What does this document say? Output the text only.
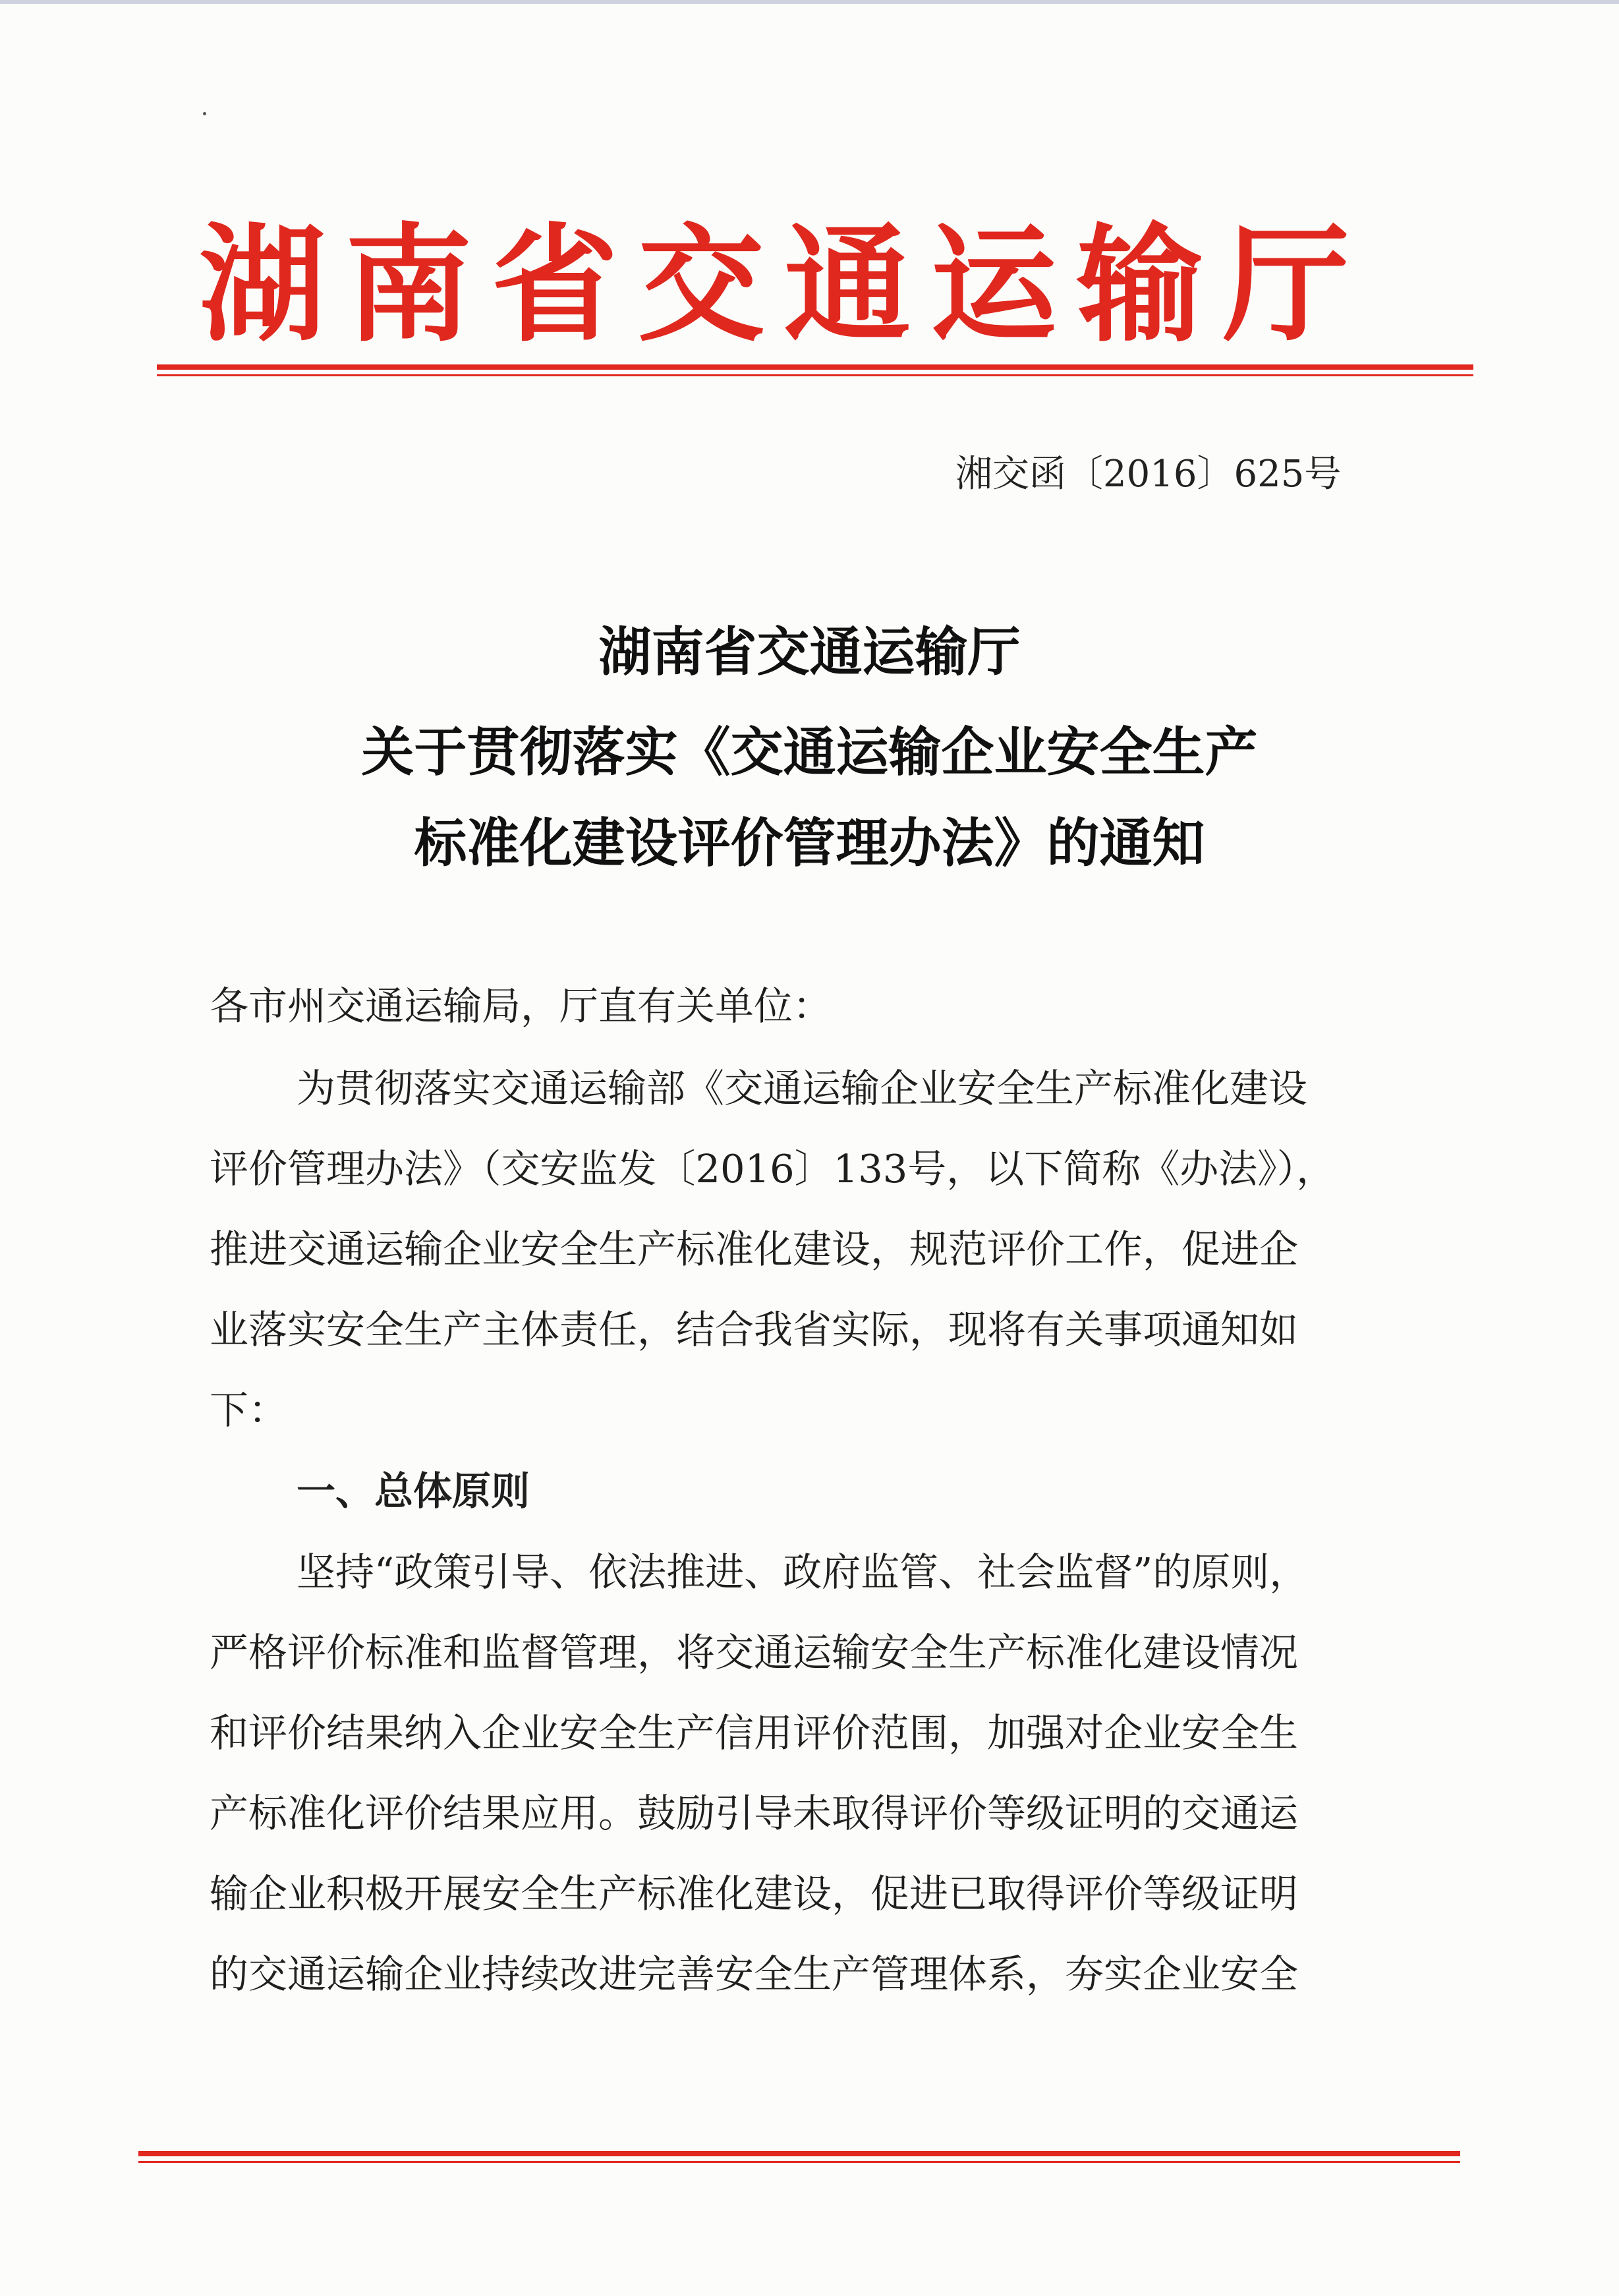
湖南省交通运输厅
湘交函〔2016〕625号
湖南省交通运输厅
关于贯彻落实《交通运输企业安全生产
标准化建设评价管理办法》的通知
各市州交通运输局，厅直有关单位：
为贯彻落实交通运输部《交通运输企业安全生产标准化建设
评价管理办法》（交安监发〔2016〕133号，以下简称《办法》），
推进交通运输企业安全生产标准化建设，规范评价工作，促进企
业落实安全生产主体责任，结合我省实际，现将有关事项通知如
下：
一、总体原则
坚持“政策引导、依法推进、政府监管、社会监督”的原则，
严格评价标准和监督管理，将交通运输安全生产标准化建设情况
和评价结果纳入企业安全生产信用评价范围，加强对企业安全生
产标准化评价结果应用。鼓励引导未取得评价等级证明的交通运
输企业积极开展安全生产标准化建设，促进已取得评价等级证明
的交通运输企业持续改进完善安全生产管理体系，夯实企业安全
